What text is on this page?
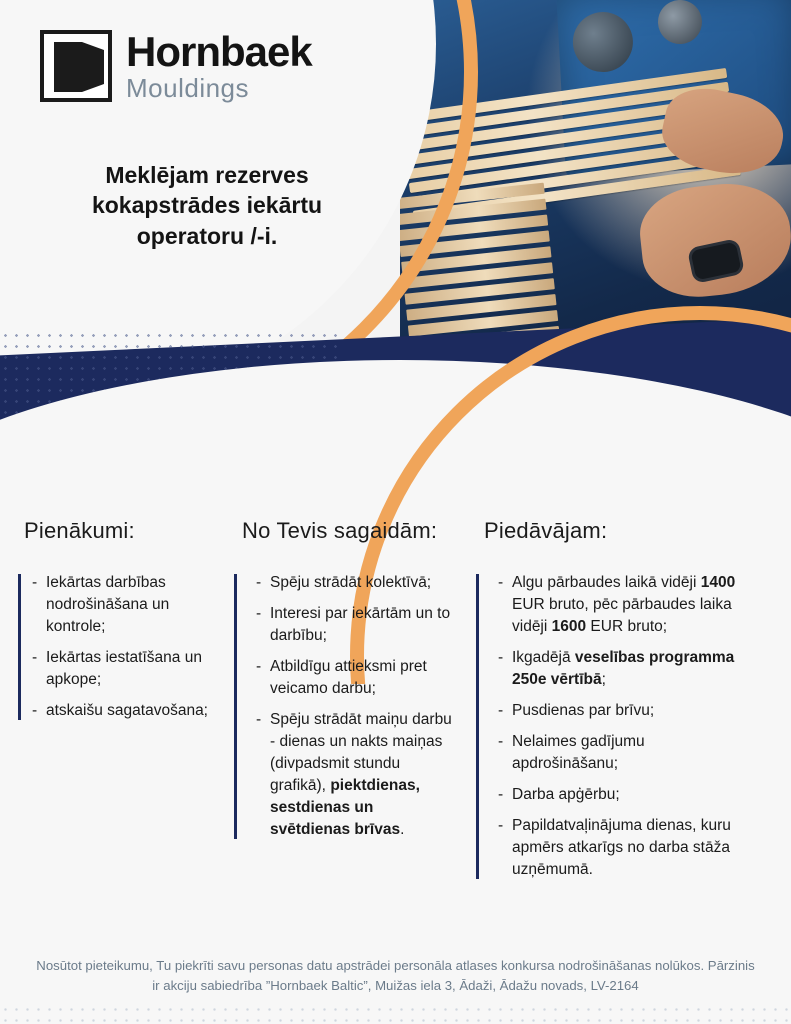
Hornbaek
Mouldings
Meklējam rezerves kokapstrādes iekārtu operatoru /-i.
Pienākumi:
- Iekārtas darbības nodrošināšana un kontrole;
- Iekārtas iestatīšana un apkope;
- atskaišu sagatavošana;
No Tevis sagaidām:
- Spēju strādāt kolektīvā;
- Interesi par iekārtām un to darbību;
- Atbildīgu attieksmi pret veicamo darbu;
- Spēju strādāt maiņu darbu - dienas un nakts maiņas (divpadsmit stundu grafikā), piektdienas, sestdienas un svētdienas brīvas.
Piedāvājam:
- Algu pārbaudes laikā vidēji 1400 EUR bruto, pēc pārbaudes laika vidēji 1600 EUR bruto;
- Ikgadējā veselības programma 250e vērtībā;
- Pusdienas par brīvu;
- Nelaimes gadījumu apdrošināšanu;
- Darba apģērbu;
- Papildatvaļinājuma dienas, kuru apmērs atkarīgs no darba stāža uzņēmumā.
Nosūtot pieteikumu, Tu piekrīti savu personas datu apstrādei personāla atlases konkursa nodrošināšanas nolūkos. Pārzinis ir akciju sabiedrība ”Hornbaek Baltic”, Muižas iela 3, Ādaži, Ādažu novads, LV-2164
